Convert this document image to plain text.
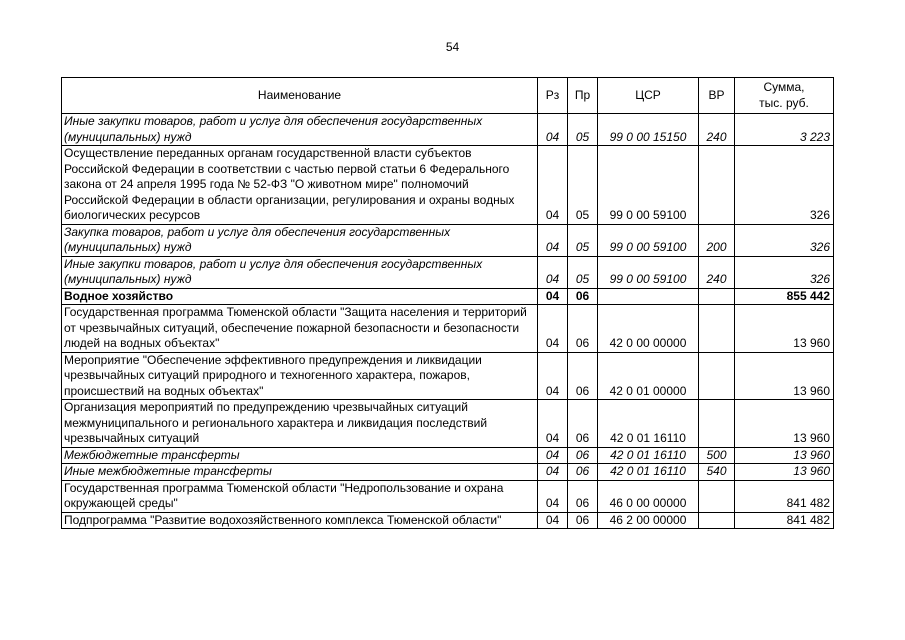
54
Наименование	Рз	Пр	ЦСР	ВР	Сумма,
тыс. руб.
Иные закупки товаров, работ и услуг для обеспечения государственных (муниципальных) нужд	04	05	99 0 00 15150	240	3 223
Осуществление переданных органам государственной власти субъектов Российской Федерации в соответствии с частью первой статьи 6 Федерального закона от 24 апреля 1995 года № 52-ФЗ "О животном мире" полномочий Российской Федерации в области организации, регулирования и охраны водных биологических ресурсов	04	05	99 0 00 59100		326
Закупка товаров, работ и услуг для обеспечения государственных (муниципальных) нужд	04	05	99 0 00 59100	200	326
Иные закупки товаров, работ и услуг для обеспечения государственных (муниципальных) нужд	04	05	99 0 00 59100	240	326
Водное хозяйство	04	06			855 442
Государственная программа Тюменской области "Защита населения и территорий от чрезвычайных ситуаций, обеспечение пожарной безопасности и безопасности людей на водных объектах"	04	06	42 0 00 00000		13 960
Мероприятие "Обеспечение эффективного предупреждения и ликвидации чрезвычайных ситуаций природного и техногенного характера, пожаров, происшествий на водных объектах"	04	06	42 0 01 00000		13 960
Организация мероприятий по предупреждению чрезвычайных ситуаций межмуниципального и регионального характера и ликвидация последствий чрезвычайных ситуаций	04	06	42 0 01 16110		13 960
Межбюджетные трансферты	04	06	42 0 01 16110	500	13 960
Иные межбюджетные трансферты	04	06	42 0 01 16110	540	13 960
Государственная программа Тюменской области "Недропользование и охрана окружающей среды"	04	06	46 0 00 00000		841 482
Подпрограмма "Развитие водохозяйственного комплекса Тюменской области"	04	06	46 2 00 00000		841 482
